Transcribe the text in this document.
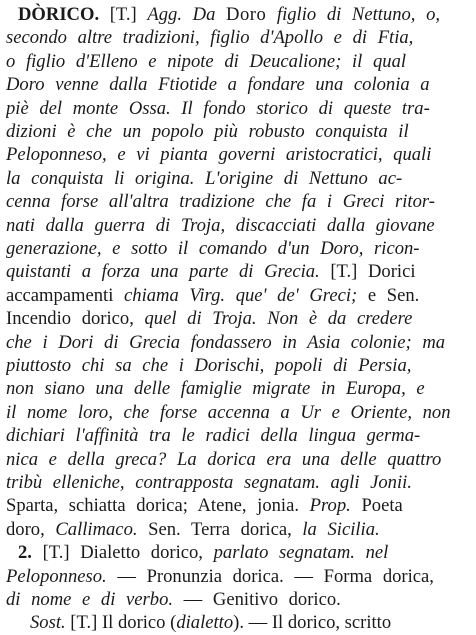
DÒRICO. [T.] Agg. Da Doro figlio di Nettuno, o,
secondo altre tradizioni, figlio d'Apollo e di Ftia,
o figlio d'Elleno e nipote di Deucalione; il qual
Doro venne dalla Ftiotide a fondare una colonia a
piè del monte Ossa. Il fondo storico di queste tra-
dizioni è che un popolo più robusto conquista il
Peloponneso, e vi pianta governi aristocratici, quali
la conquista li origina. L'origine di Nettuno ac-
cenna forse all'altra tradizione che fa i Greci ritor-
nati dalla guerra di Troja, discacciati dalla giovane
generazione, e sotto il comando d'un Doro, ricon-
quistanti a forza una parte di Grecia. [T.] Dorici
accampamenti chiama Virg. que' de' Greci; e Sen.
Incendio dorico, quel di Troja. Non è da credere
che i Dori di Grecia fondassero in Asia colonie; ma
piuttosto chi sa che i Dorischi, popoli di Persia,
non siano una delle famiglie migrate in Europa, e
il nome loro, che forse accenna a Ur e Oriente, non
dichiari l'affinità tra le radici della lingua germa-
nica e della greca? La dorica era una delle quattro
tribù elleniche, contrapposta segnatam. agli Jonii.
Sparta, schiatta dorica; Atene, jonia. Prop. Poeta
doro, Callimaco. Sen. Terra dorica, la Sicilia.
2. [T.] Dialetto dorico, parlato segnatam. nel
Peloponneso. — Pronunzia dorica. — Forma dorica,
di nome e di verbo. — Genitivo dorico.
Sost. [T.] Il dorico (dialetto). — Il dorico, scritto
